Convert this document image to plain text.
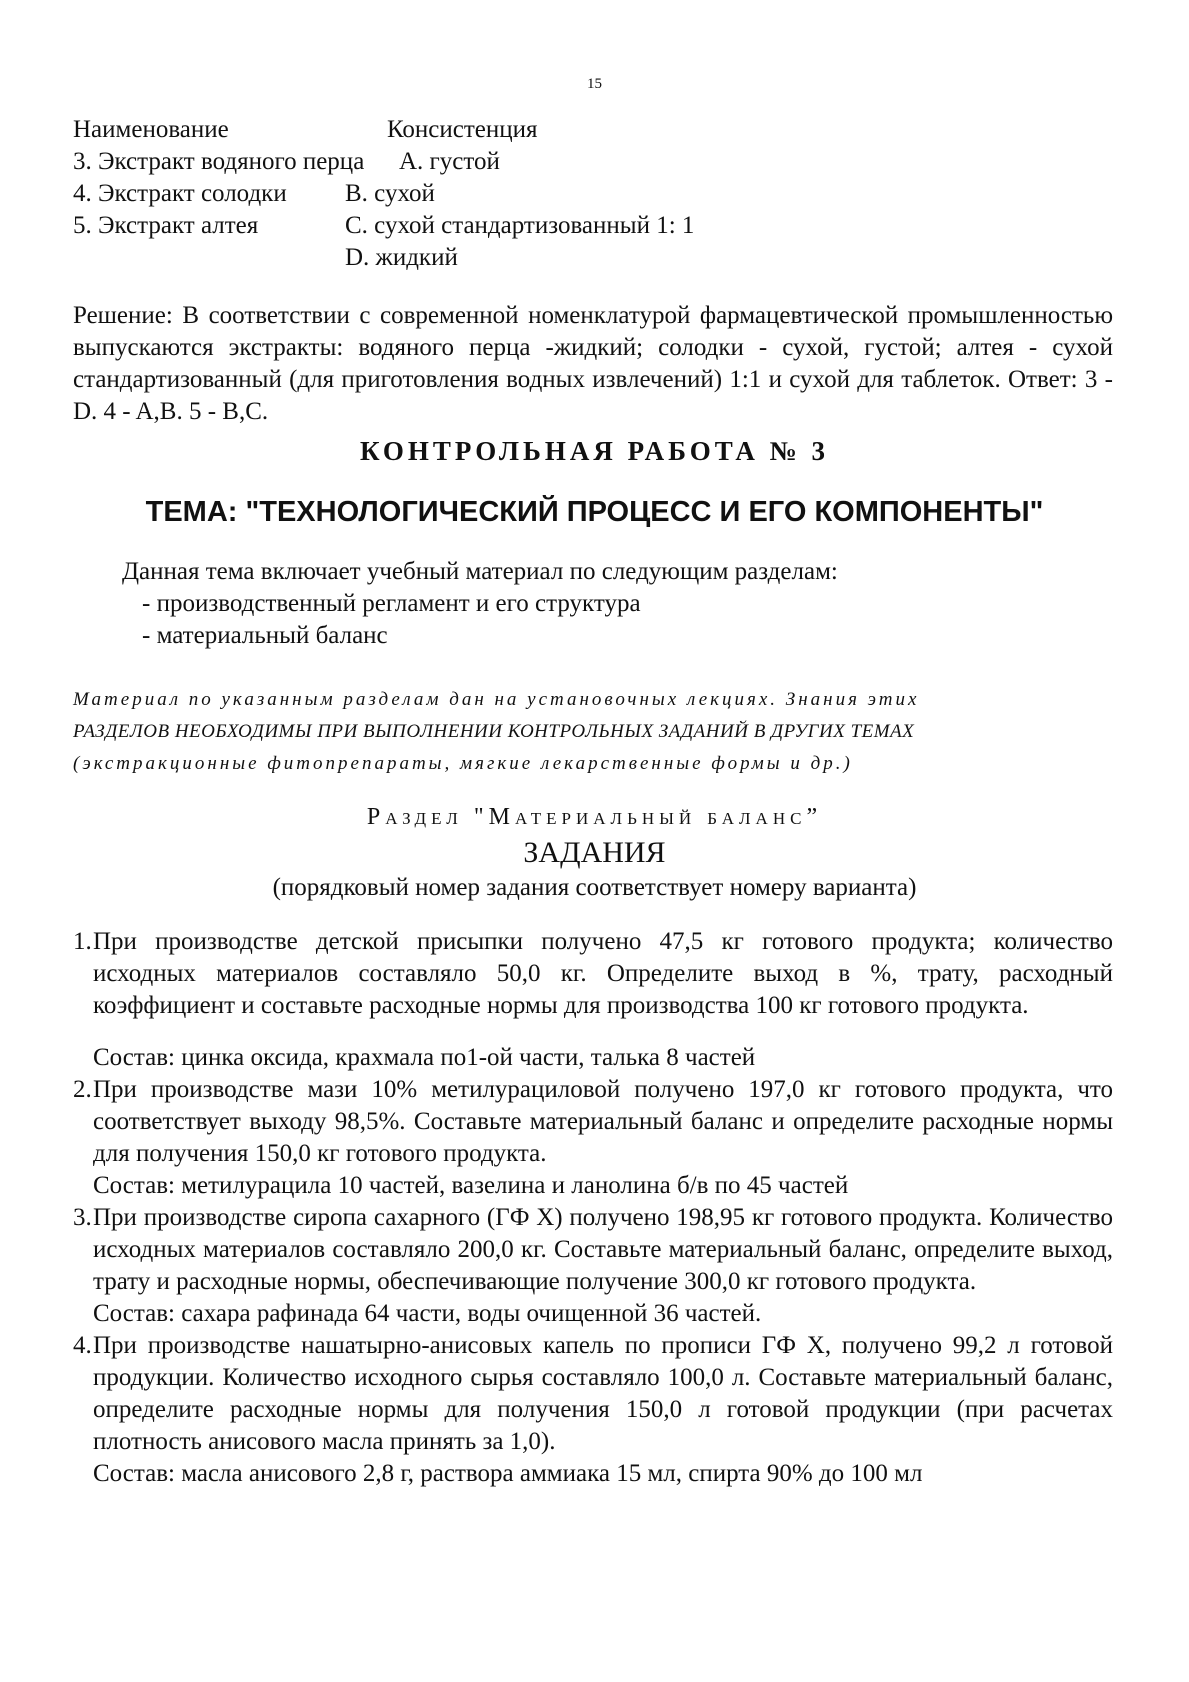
15
Наименование	Консистенция
3. Экстракт водяного перца A. густой
4. Экстракт солодки B. сухой
5. Экстракт алтея	C. сухой стандартизованный 1: 1
D. жидкий

Решение: В соответствии с современной номенклатурой фармацевтической промышленностью выпускаются экстракты: водяного перца -жидкий; солодки - сухой, густой; алтея - сухой стандартизованный (для приготовления водных извлечений) 1:1 и сухой для таблеток. Ответ: 3 - D. 4 - A,B. 5 - B,C.

КОНТРОЛЬНАЯ РАБОТА № 3
ТЕМА: "ТЕХНОЛОГИЧЕСКИЙ ПРОЦЕСС И ЕГО КОМПОНЕНТЫ"
Данная тема включает учебный материал по следующим разделам:
- производственный регламент и его структура
- материальный баланс

Материал по указанным разделам дан на установочных лекциях. Знания этих

РАЗДЕЛОВ НЕОБХОДИМЫ ПРИ ВЫПОЛНЕНИИ КОНТРОЛЬНЫХ ЗАДАНИЙ В ДРУГИХ ТЕМАХ

(экстракционные фитопрепараты, мягкие лекарственные формы и др.)

Раздел "Материальный баланс”
ЗАДАНИЯ
(порядковый номер задания соответствует номеру варианта)
1. При производстве детской присыпки получено 47,5 кг готового продукта; количество исходных материалов составляло 50,0 кг. Определите выход в %, трату, расходный коэффициент и составьте расходные нормы для производства 100 кг готового продукта.

Состав: цинка оксида, крахмала по1-ой части, талька 8 частей

2. При производстве мази 10% метилурациловой получено 197,0 кг готового продукта, что соответствует выходу 98,5%. Составьте материальный баланс и определите расходные нормы для получения 150,0 кг готового продукта.

Состав: метилурацила 10 частей, вазелина и ланолина б/в по 45 частей

3. При производстве сиропа сахарного (ГФ X) получено 198,95 кг готового продукта. Количество исходных материалов составляло 200,0 кг. Составьте материальный баланс, определите выход, трату и расходные нормы, обеспечивающие получение 300,0 кг готового продукта.

Состав: сахара рафинада 64 части, воды очищенной 36 частей.

4. При производстве нашатырно-анисовых капель по прописи ГФ X, получено 99,2 л готовой продукции. Количество исходного сырья составляло 100,0 л. Составьте материальный баланс, определите расходные нормы для получения 150,0 л готовой продукции (при расчетах плотность анисового масла принять за 1,0).

Состав: масла анисового 2,8 г, раствора аммиака 15 мл, спирта 90% до 100 мл
